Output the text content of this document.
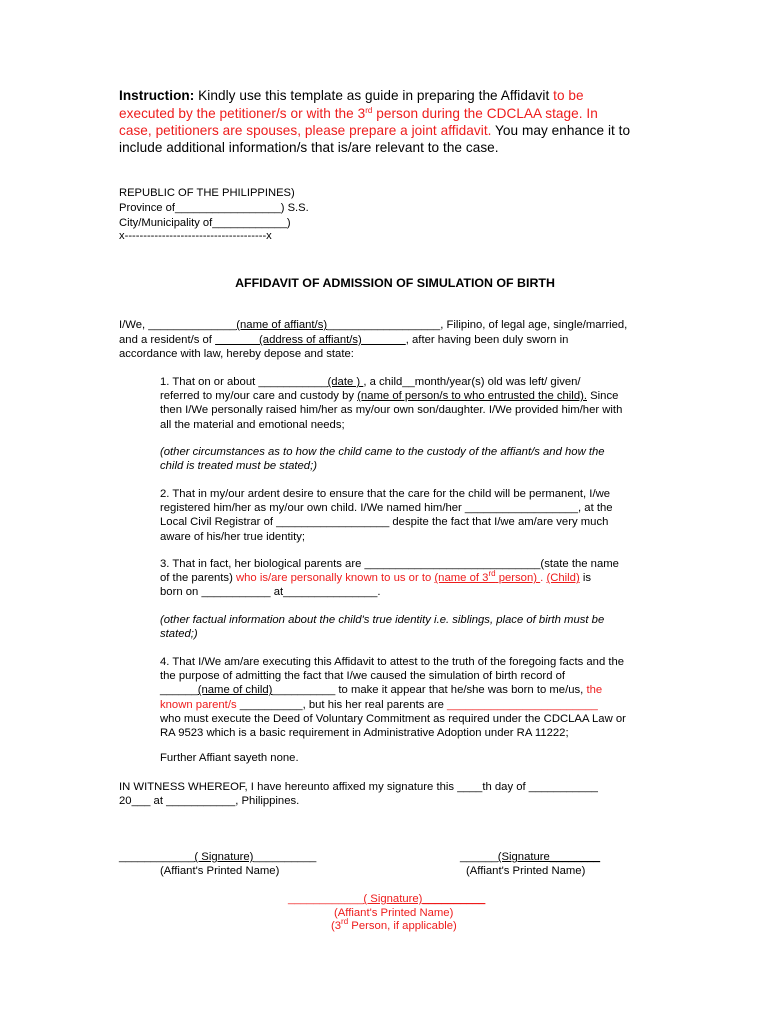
Instruction: Kindly use this template as guide in preparing the Affidavit to be
executed by the petitioner/s or with the 3rd person during the CDCLAA stage. In
case, petitioners are spouses, please prepare a joint affidavit. You may enhance it to
include additional information/s that is/are relevant to the case.
REPUBLIC OF THE PHILIPPINES)
Province of_________________) S.S.
City/Municipality of____________)
x--------------------------------------x
AFFIDAVIT OF ADMISSION OF SIMULATION OF BIRTH
I/We, ______________(name of affiant/s)__________________, Filipino, of legal age, single/married,
and a resident/s of               (address of affiant/s)              , after having been duly sworn in
accordance with law, hereby depose and state:
1. That on or about ___________(date ) , a child__month/year(s) old was left/ given/
referred to my/our care and custody by (name of person/s to who entrusted the child). Since
then I/We personally raised him/her as my/our own son/daughter. I/We provided him/her with
all the material and emotional needs;
(other circumstances as to how the child came to the custody of the affiant/s and how the
child is treated must be stated;)
2. That in my/our ardent desire to ensure that the care for the child will be permanent, I/we
registered him/her as my/our own child. I/We named him/her __________________, at the
Local Civil Registrar of __________________ despite the fact that I/we am/are very much
aware of his/her true identity;
3. That in fact, her biological parents are ____________________________(state the name
of the parents) who is/are personally known to us or to (name of 3rd person) . (Child) is
born on ___________ at_______________.
(other factual information about the child's true identity i.e. siblings, place of birth must be
stated;)
4. That I/We am/are executing this Affidavit to attest to the truth of the foregoing facts and the
the purpose of admitting the fact that I/we caused the simulation of birth record of
______(name of child)__________ to make it appear that he/she was born to me/us, the
known parent/s __________, but his her real parents are ________________________
who must execute the Deed of Voluntary Commitment as required under the CDCLAA Law or
RA 9523 which is a basic requirement in Administrative Adoption under RA 11222;
Further Affiant sayeth none.
IN WITNESS WHEREOF, I have hereunto affixed my signature this ____th day of ___________
20___ at ___________, Philippines.
____________( Signature)__________
(Affiant's Printed Name)
______(Signature________
(Affiant's Printed Name)
____________( Signature)__________
(Affiant's Printed Name)
(3rd Person, if applicable)
